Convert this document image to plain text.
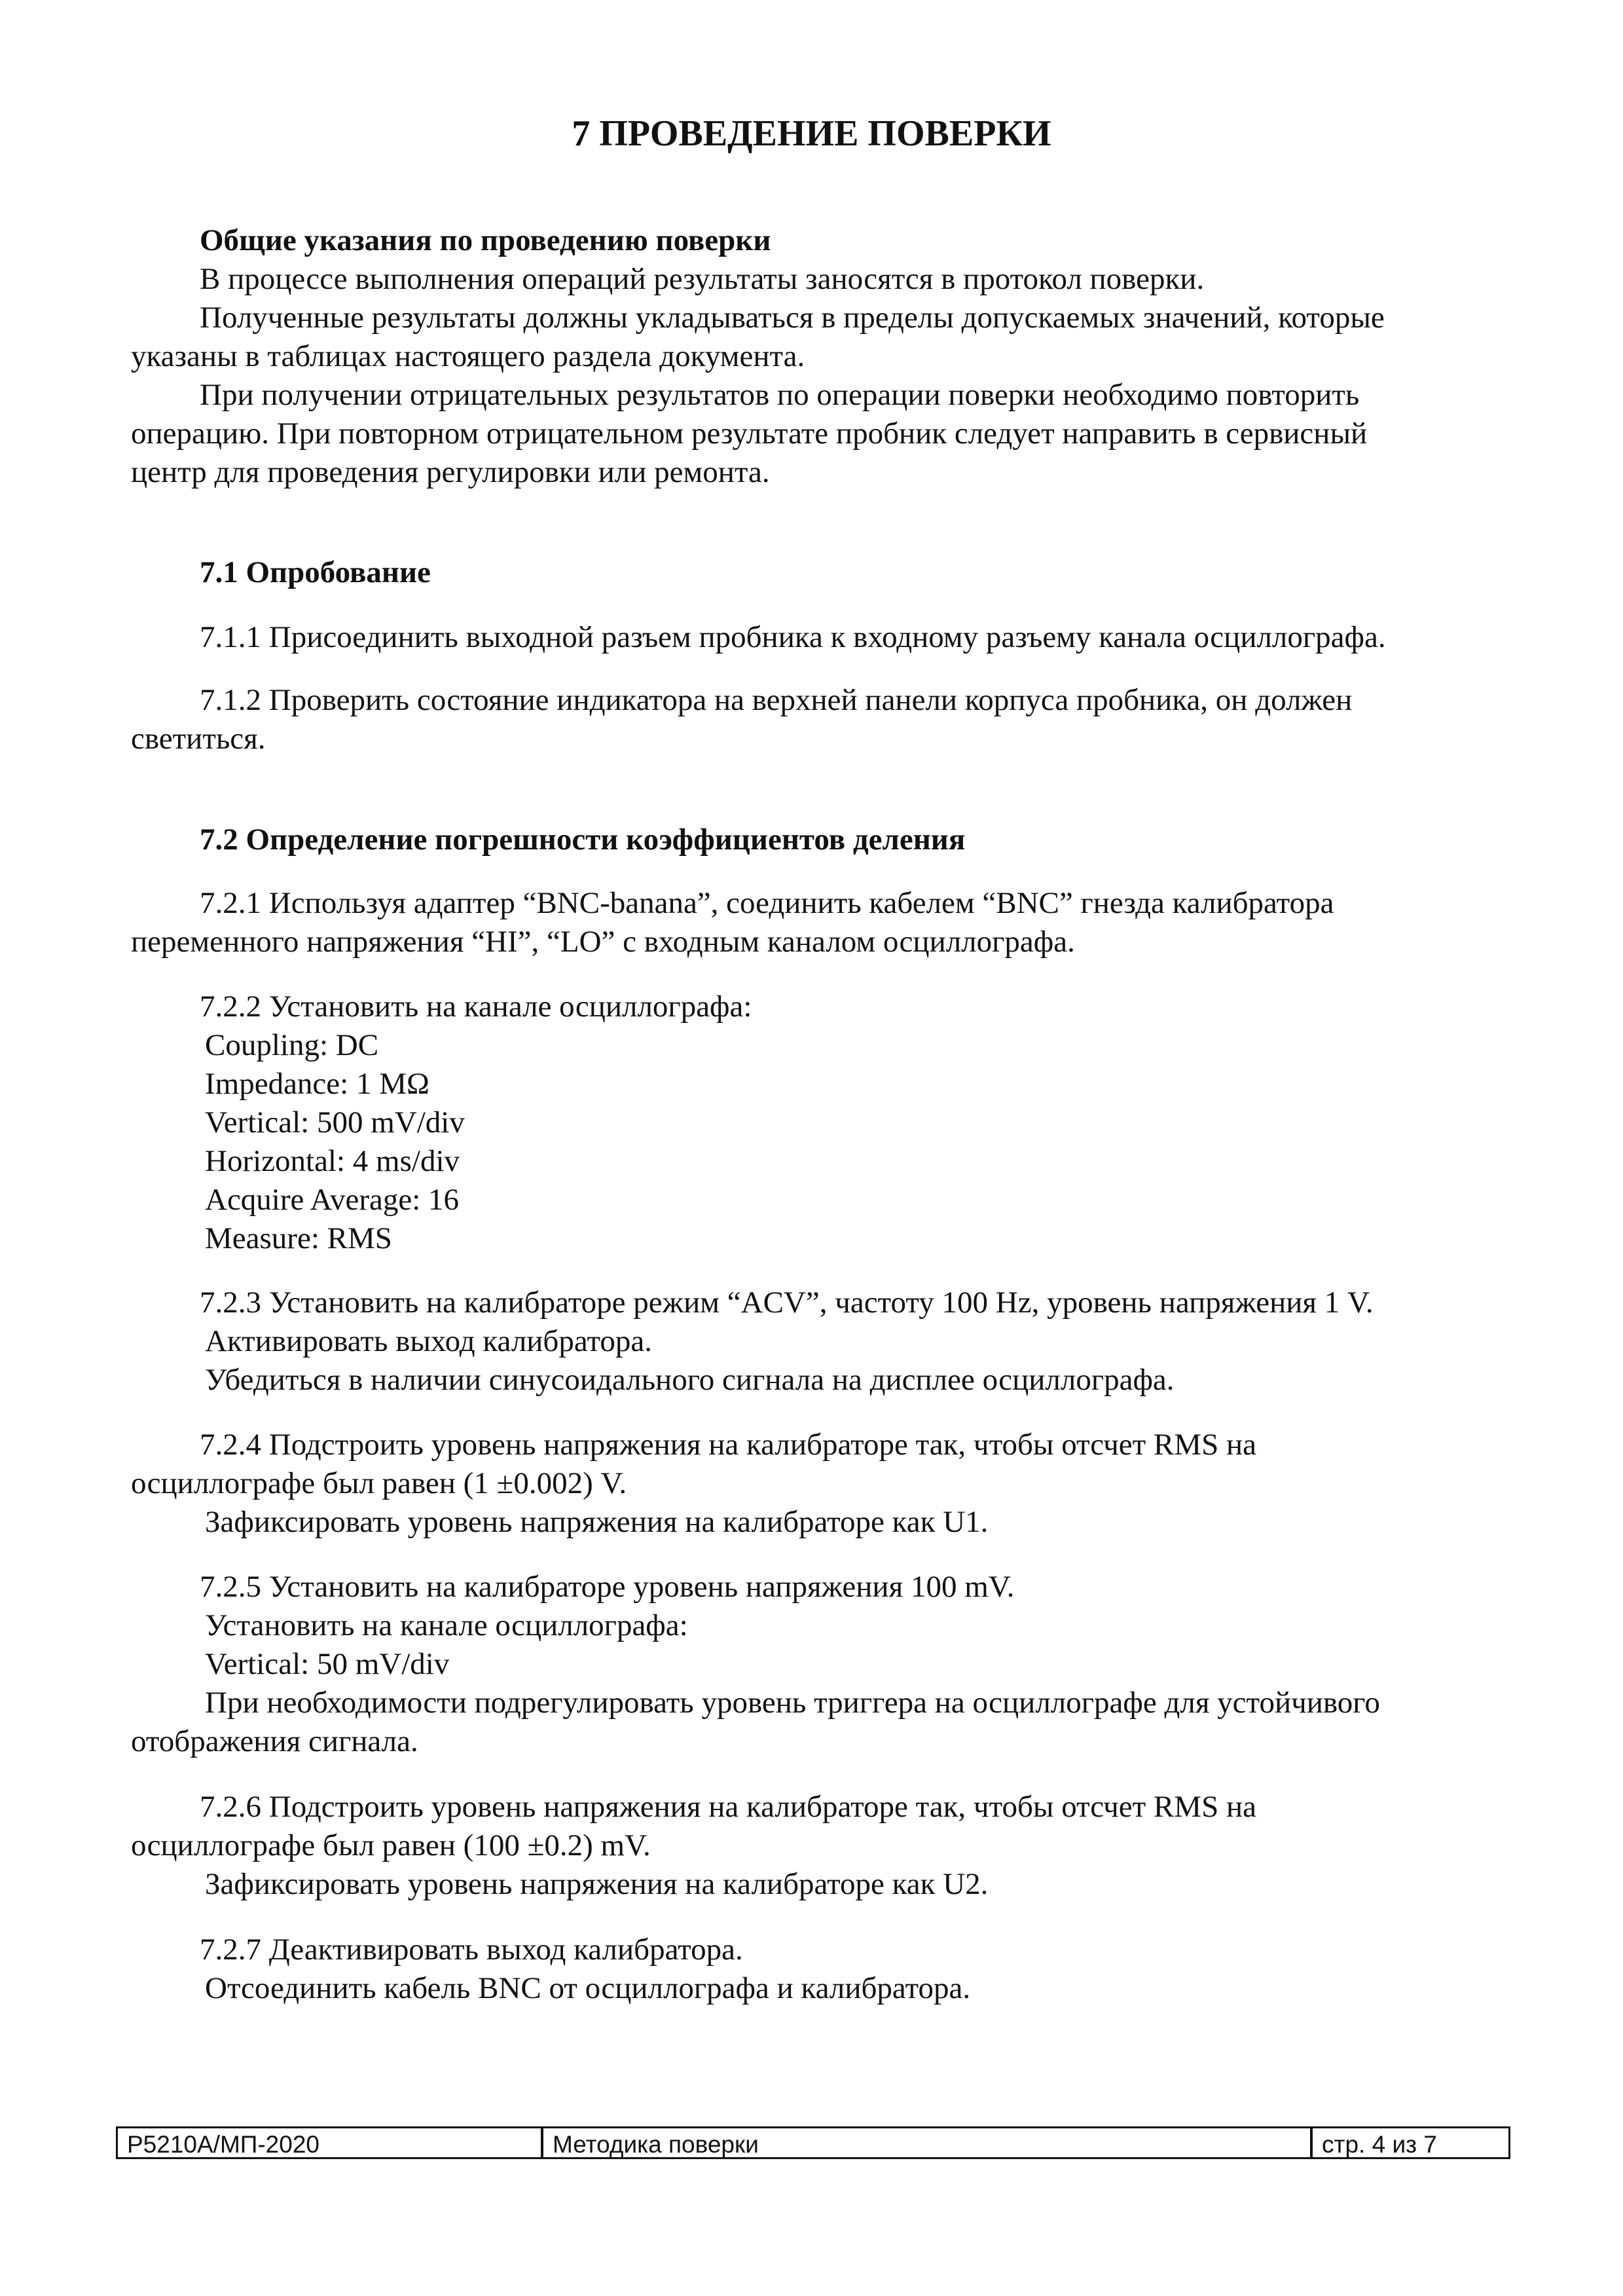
7 ПРОВЕДЕНИЕ ПОВЕРКИ

Общие указания по проведению поверки

В процессе выполнения операций результаты заносятся в протокол поверки.

Полученные результаты должны укладываться в пределы допускаемых значений, которые

указаны в таблицах настоящего раздела документа.

При получении отрицательных результатов по операции поверки необходимо повторить

операцию. При повторном отрицательном результате пробник следует направить в сервисный

центр для проведения регулировки или ремонта.

7.1 Опробование

7.1.1 Присоединить выходной разъем пробника к входному разъему канала осциллографа.

7.1.2 Проверить состояние индикатора на верхней панели корпуса пробника, он должен

светиться.

7.2 Определение погрешности коэффициентов деления

7.2.1 Используя адаптер “BNC-banana”, соединить кабелем “BNC” гнезда калибратора

переменного напряжения “HI”, “LO” с входным каналом осциллографа.

7.2.2 Установить на канале осциллографа:

Coupling: DC

Impedance: 1 MΩ

Vertical: 500 mV/div

Horizontal: 4 ms/div

Acquire Average: 16

Measure: RMS

7.2.3 Установить на калибраторе режим “ACV”, частоту 100 Hz, уровень напряжения 1 V.

Активировать выход калибратора.

Убедиться в наличии синусоидального сигнала на дисплее осциллографа.

7.2.4 Подстроить уровень напряжения на калибраторе так, чтобы отсчет RMS на

осциллографе был равен (1 ±0.002) V.

Зафиксировать уровень напряжения на калибраторе как U1.

7.2.5 Установить на калибраторе уровень напряжения 100 mV.

Установить на канале осциллографа:

Vertical: 50 mV/div

При необходимости подрегулировать уровень триггера на осциллографе для устойчивого

отображения сигнала.

7.2.6 Подстроить уровень напряжения на калибраторе так, чтобы отсчет RMS на

осциллографе был равен (100 ±0.2) mV.

Зафиксировать уровень напряжения на калибраторе как U2.

7.2.7 Деактивировать выход калибратора.

Отсоединить кабель BNC от осциллографа и калибратора.

Р5210А/МП-2020	Методика поверки	стр. 4 из 7
